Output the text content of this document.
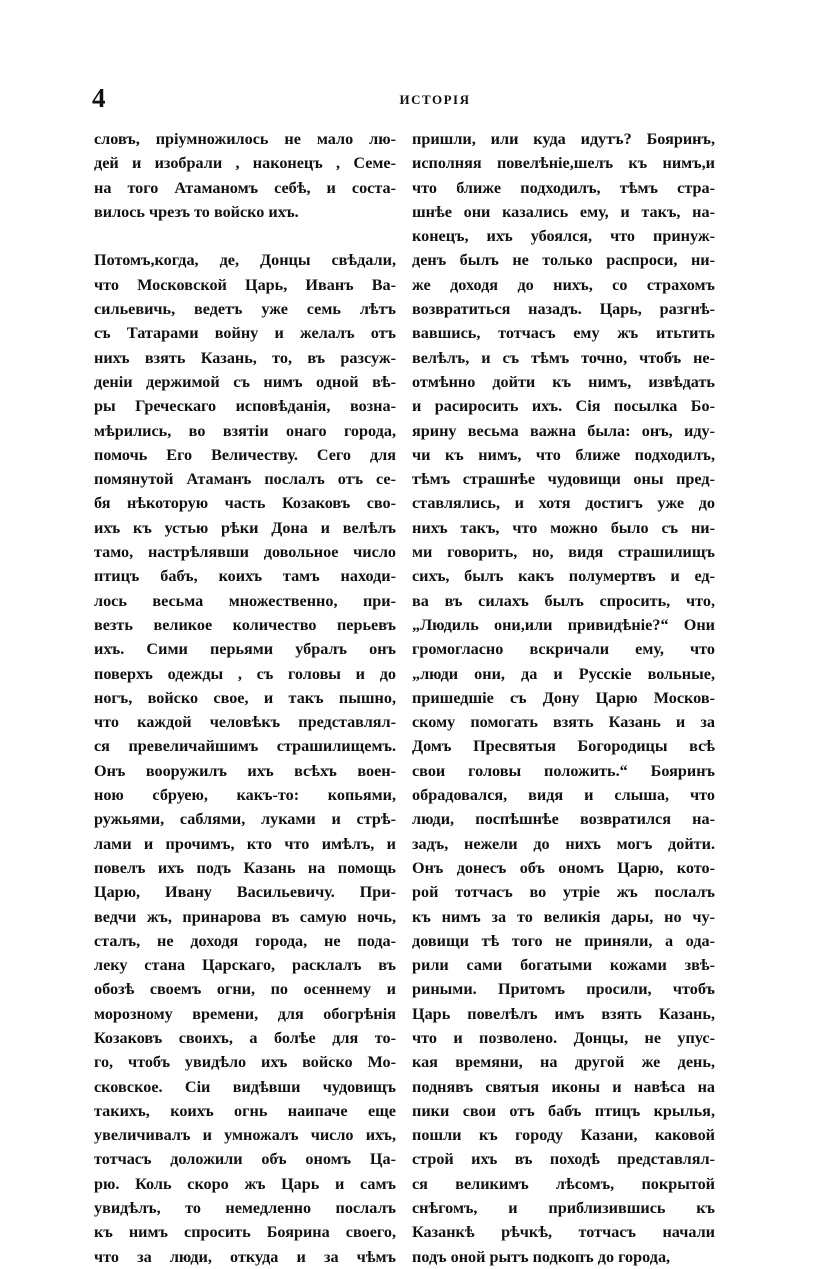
4	ИСТОРІЯ
словъ, пріумножилось не мало лю-
дей и изобрали , наконецъ , Семе-
на того Атаманомъ себѣ, и соста-
вилось чрезъ то войско ихъ.
Потомъ,когда, де, Донцы свѣдали,
что Московской Царь, Иванъ Ва-
сильевичь, ведетъ уже семь лѣтъ
съ Татарами войну и желалъ отъ
нихъ взять Казань, то, въ разсуж-
деніи держимой съ нимъ одной вѣ-
ры Греческаго исповѣданія, возна-
мѣрились, во взятіи онаго города,
помочь Его Величеству. Сего для
помянутой Атаманъ послалъ отъ се-
бя нѣкоторую часть Козаковъ сво-
ихъ къ устью рѣки Дона и велѣлъ
тамо, настрѣлявши довольное число
птицъ бабъ, коихъ тамъ находи-
лось весьма множественно, при-
везть великое количество перьевъ
ихъ. Сими перьями убралъ онъ
поверхъ одежды , съ головы и до
ногъ, войско свое, и такъ пышно,
что каждой человѣкъ представлял-
ся превеличайшимъ страшилищемъ.
Онъ вооружилъ ихъ всѣхъ воен-
ною сбруею, какъ-то: копьями,
ружьями, саблями, луками и стрѣ-
лами и прочимъ, кто что имѣлъ, и
повелъ ихъ подъ Казань на помощь
Царю, Ивану Васильевичу. При-
ведчи жъ, принарова въ самую ночь,
сталъ, не доходя города, не пода-
леку стана Царскаго, расклалъ въ
обозѣ своемъ огни, по осеннему и
морозному времени, для обогрѣнія
Козаковъ своихъ, а болѣе для то-
го, чтобъ увидѣло ихъ войско Мо-
сковское. Сіи видѣвши чудовищъ
такихъ, коихъ огнь наипаче еще
увеличивалъ и умножалъ число ихъ,
тотчасъ доложили объ ономъ Ца-
рю. Коль скоро жъ Царь и самъ
увидѣлъ, то немедленно послалъ
къ нимъ спросить Боярина своего,
что за люди, откуда и за чѣмъ
пришли, или куда идутъ? Бояринъ,
исполняя повелѣніе,шелъ къ нимъ,и
что ближе подходилъ, тѣмъ стра-
шнѣе они казались ему, и такъ, на-
конецъ, ихъ убоялся, что принуж-
денъ былъ не только распроси, ни-
же доходя до нихъ, со страхомъ
возвратиться назадъ. Царь, разгнѣ-
вавшись, тотчасъ ему жъ итьтить
велѣлъ, и съ тѣмъ точно, чтобъ не-
отмѣнно дойти къ нимъ, извѣдать
и расиросить ихъ. Сія посылка Бо-
ярину весьма важна была: онъ, иду-
чи къ нимъ, что ближе подходилъ,
тѣмъ страшнѣе чудовищи оны пред-
ставлялись, и хотя достигъ уже до
нихъ такъ, что можно было съ ни-
ми говорить, но, видя страшилищъ
сихъ, былъ какъ полумертвъ и ед-
ва въ силахъ былъ спросить, что,
„Людиль они,или привидѣніе?“ Они
громогласно вскричали ему, что
„люди они, да и Русскіе вольные,
пришедшіе съ Дону Царю Москов-
скому помогать взять Казань и за
Домъ Пресвятыя Богородицы всѣ
свои головы положить.“ Бояринъ
обрадовался, видя и слыша, что
люди, поспѣшнѣе возвратился на-
задъ, нежели до нихъ могъ дойти.
Онъ донесъ объ ономъ Царю, кото-
рой тотчасъ во утріе жъ послалъ
къ нимъ за то великія дары, но чу-
довищи тѣ того не приняли, а ода-
рили сами богатыми кожами звѣ-
риными. Притомъ просили, чтобъ
Царь повелѣлъ имъ взять Казань,
что и позволено. Донцы, не упус-
кая времяни, на другой же день,
поднявъ святыя иконы и навѣса на
пики свои отъ бабъ птицъ крылья,
пошли къ городу Казани, каковой
строй ихъ въ походѣ представлял-
ся великимъ лѣсомъ, покрытой
снѣгомъ, и приблизившись къ
Казанкѣ рѣчкѣ, тотчасъ начали
подъ оной рытъ подкопъ до города,
